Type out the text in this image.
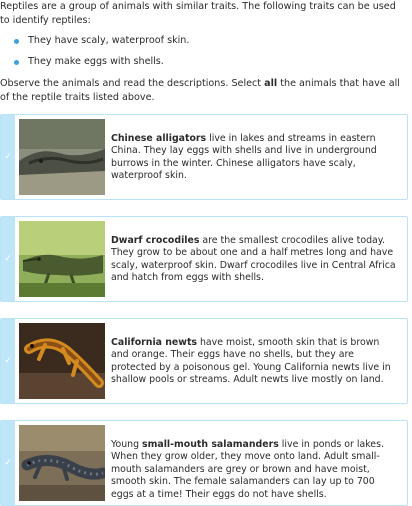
Reptiles are a group of animals with similar traits. The following traits can be used to identify reptiles:

They have scaly, waterproof skin.
They make eggs with shells.

Observe the animals and read the descriptions. Select all the animals that have all of the reptile traits listed above.

✓
Chinese alligators live in lakes and streams in eastern China. They lay eggs with shells and live in underground burrows in the winter. Chinese alligators have scaly, waterproof skin.
✓
Dwarf crocodiles are the smallest crocodiles alive today. They grow to be about one and a half metres long and have scaly, waterproof skin. Dwarf crocodiles live in Central Africa and hatch from eggs with shells.
✓
California newts have moist, smooth skin that is brown and orange. Their eggs have no shells, but they are protected by a poisonous gel. Young California newts live in shallow pools or streams. Adult newts live mostly on land.
✓
Young small-mouth salamanders live in ponds or lakes. When they grow older, they move onto land. Adult small-mouth salamanders are grey or brown and have moist, smooth skin. The female salamanders can lay up to 700 eggs at a time! Their eggs do not have shells.
